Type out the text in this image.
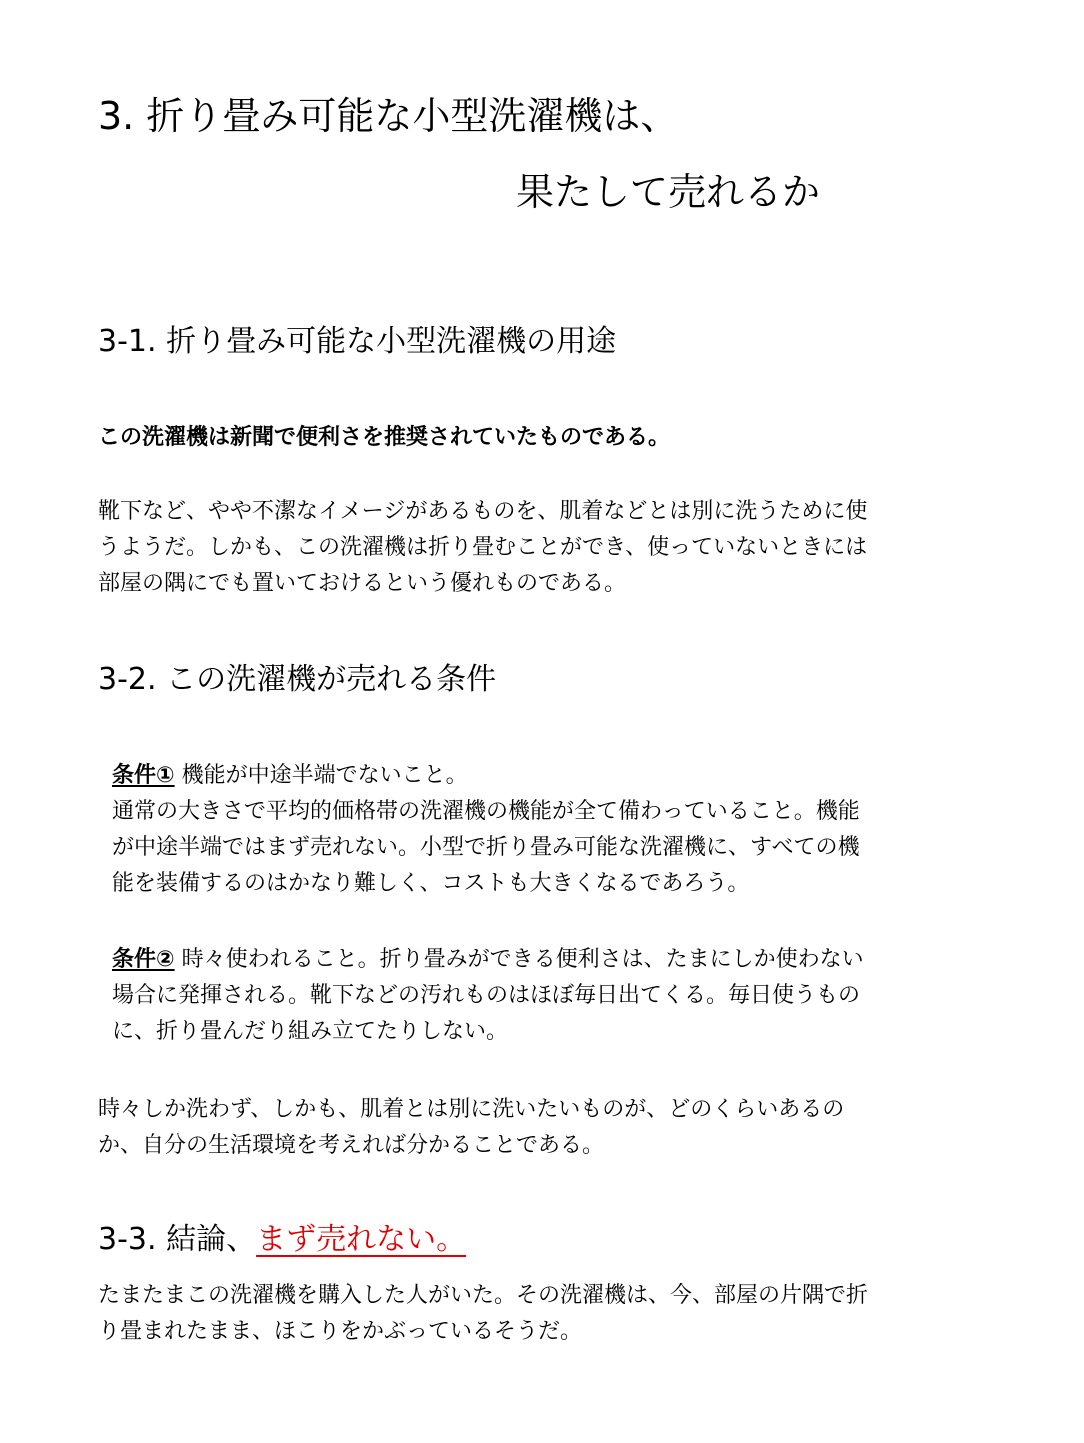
3. 折り畳み可能な小型洗濯機は、
果たして売れるか
3-1. 折り畳み可能な小型洗濯機の用途
この洗濯機は新聞で便利さを推奨されていたものである。
靴下など、やや不潔なイメージがあるものを、肌着などとは別に洗うために使
うようだ。しかも、この洗濯機は折り畳むことができ、使っていないときには
部屋の隅にでも置いておけるという優れものである。
3-2. この洗濯機が売れる条件
条件① 機能が中途半端でないこと。
通常の大きさで平均的価格帯の洗濯機の機能が全て備わっていること。機能
が中途半端ではまず売れない。小型で折り畳み可能な洗濯機に、すべての機
能を装備するのはかなり難しく、コストも大きくなるであろう。
条件② 時々使われること。折り畳みができる便利さは、たまにしか使わない
場合に発揮される。靴下などの汚れものはほぼ毎日出てくる。毎日使うもの
に、折り畳んだり組み立てたりしない。
時々しか洗わず、しかも、肌着とは別に洗いたいものが、どのくらいあるの
か、自分の生活環境を考えれば分かることである。
3-3. 結論、まず売れない。
たまたまこの洗濯機を購入した人がいた。その洗濯機は、今、部屋の片隅で折
り畳まれたまま、ほこりをかぶっているそうだ。
